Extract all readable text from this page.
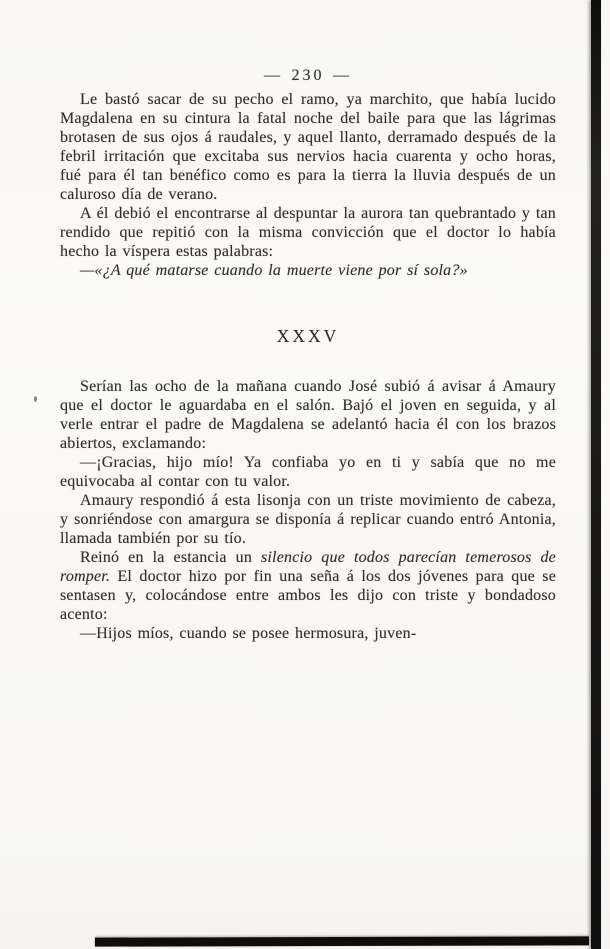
— 230 —

Le bastó sacar de su pecho el ramo, ya marchito, que había lucido Magdalena en su cintura la fatal noche del baile para que las lágrimas brotasen de sus ojos á raudales, y aquel llanto, derramado después de la febril irritación que excitaba sus nervios hacia cuarenta y ocho horas, fué para él tan benéfico como es para la tierra la lluvia después de un caluroso día de verano.

A él debió el encontrarse al despuntar la aurora tan quebrantado y tan rendido que repitió con la misma convicción que el doctor lo había hecho la víspera estas palabras:

—«¿A qué matarse cuando la muerte viene por sí sola?»

XXXV

Serían las ocho de la mañana cuando José subió á avisar á Amaury que el doctor le aguardaba en el salón. Bajó el joven en seguida, y al verle entrar el padre de Magdalena se adelantó hacia él con los brazos abiertos, exclamando:

—¡Gracias, hijo mío! Ya confiaba yo en ti y sabía que no me equivocaba al contar con tu valor.

Amaury respondió á esta lisonja con un triste movimiento de cabeza, y sonriéndose con amargura se disponía á replicar cuando entró Antonia, llamada también por su tío.

Reinó en la estancia un silencio que todos parecían temerosos de romper. El doctor hizo por fin una seña á los dos jóvenes para que se sentasen y, colocándose entre ambos les dijo con triste y bondadoso acento:

—Hijos míos, cuando se posee hermosura, juven-
